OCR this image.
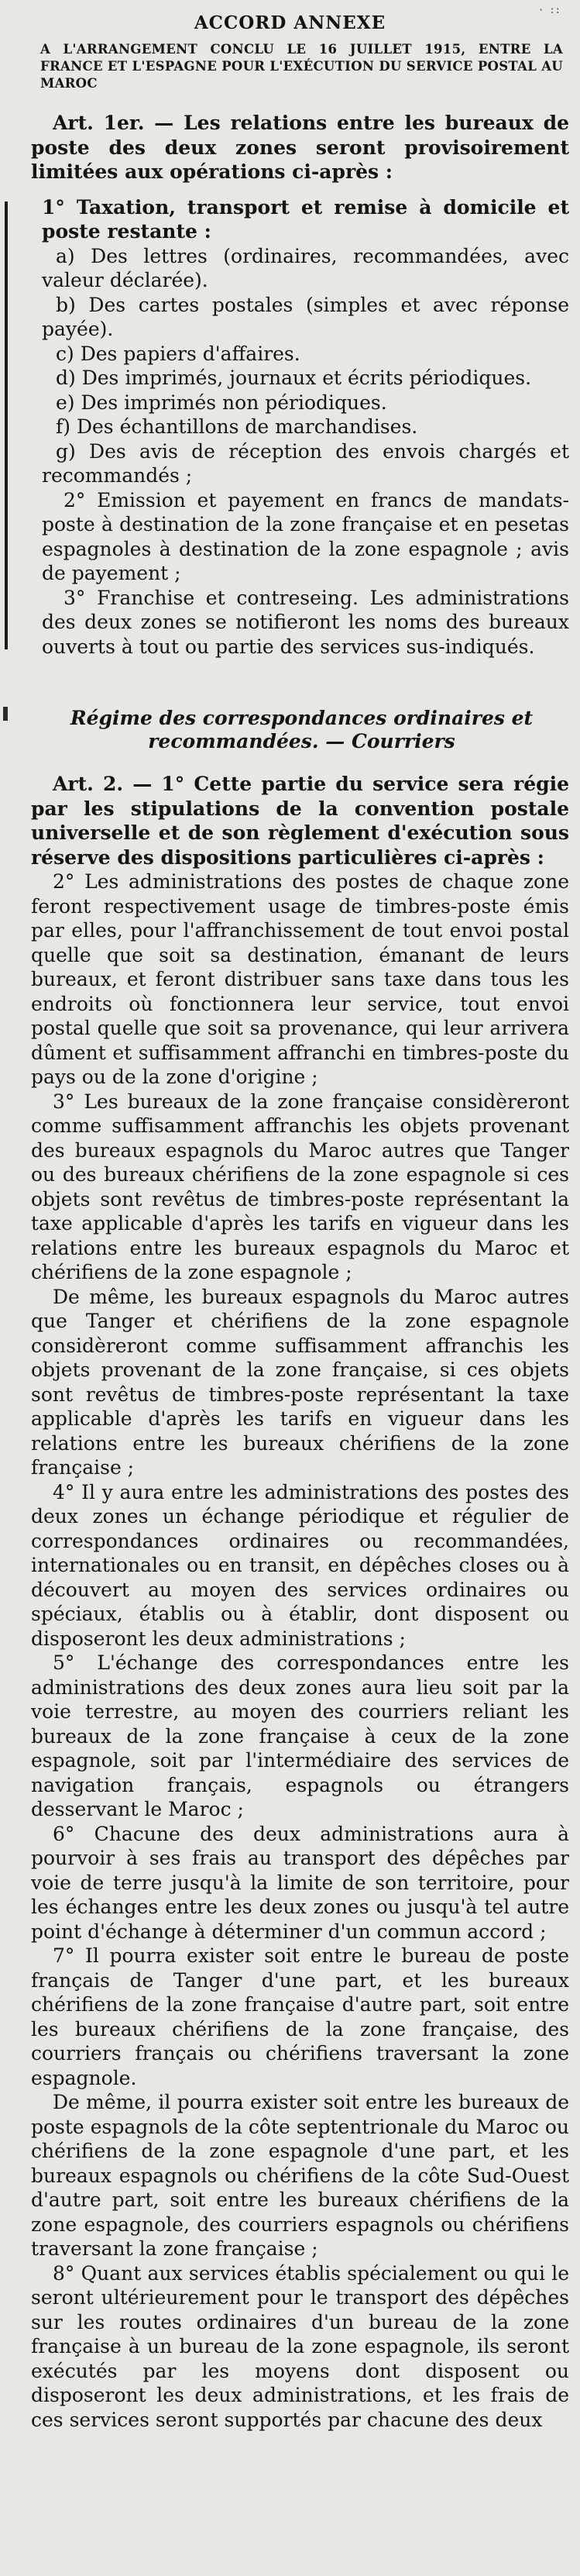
· ::
ACCORD ANNEXE
A L'ARRANGEMENT CONCLU LE 16 JUILLET 1915, ENTRE LA FRANCE ET L'ESPAGNE POUR L'EXÉCUTION DU SERVICE POSTAL AU MAROC
Art. 1er. — Les relations entre les bureaux de poste des deux zones seront provisoirement limitées aux opérations ci-après :
1° Taxation, transport et remise à domicile et poste restante :
a) Des lettres (ordinaires, recommandées, avec valeur déclarée).
b) Des cartes postales (simples et avec réponse payée).
c) Des papiers d'affaires.
d) Des imprimés, journaux et écrits périodiques.
e) Des imprimés non périodiques.
f) Des échantillons de marchandises.
g) Des avis de réception des envois chargés et recommandés ;
2° Emission et payement en francs de mandats-poste à destination de la zone française et en pesetas espagnoles à destination de la zone espagnole ; avis de payement ;
3° Franchise et contreseing. Les administrations des deux zones se notifieront les noms des bureaux ouverts à tout ou partie des services sus-indiqués.
Régime des correspondances ordinaires et recommandées. — Courriers
Art. 2. — 1° Cette partie du service sera régie par les stipulations de la convention postale universelle et de son règlement d'exécution sous réserve des dispositions particulières ci-après :
2° Les administrations des postes de chaque zone feront respectivement usage de timbres-poste émis par elles, pour l'affranchissement de tout envoi postal quelle que soit sa destination, émanant de leurs bureaux, et feront distribuer sans taxe dans tous les endroits où fonctionnera leur service, tout envoi postal quelle que soit sa provenance, qui leur arrivera dûment et suffisamment affranchi en timbres-poste du pays ou de la zone d'origine ;
3° Les bureaux de la zone française considèreront comme suffisamment affranchis les objets provenant des bureaux espagnols du Maroc autres que Tanger ou des bureaux chérifiens de la zone espagnole si ces objets sont revêtus de timbres-poste représentant la taxe applicable d'après les tarifs en vigueur dans les relations entre les bureaux espagnols du Maroc et chérifiens de la zone espagnole ;
De même, les bureaux espagnols du Maroc autres que Tanger et chérifiens de la zone espagnole considèreront comme suffisamment affranchis les objets provenant de la zone française, si ces objets sont revêtus de timbres-poste représentant la taxe applicable d'après les tarifs en vigueur dans les relations entre les bureaux chérifiens de la zone française ;
4° Il y aura entre les administrations des postes des deux zones un échange périodique et régulier de correspondances ordinaires ou recommandées, internationales ou en transit, en dépêches closes ou à découvert au moyen des services ordinaires ou spéciaux, établis ou à établir, dont disposent ou disposeront les deux administrations ;
5° L'échange des correspondances entre les administrations des deux zones aura lieu soit par la voie terrestre, au moyen des courriers reliant les bureaux de la zone française à ceux de la zone espagnole, soit par l'intermédiaire des services de navigation français, espagnols ou étrangers desservant le Maroc ;
6° Chacune des deux administrations aura à pourvoir à ses frais au transport des dépêches par voie de terre jusqu'à la limite de son territoire, pour les échanges entre les deux zones ou jusqu'à tel autre point d'échange à déterminer d'un commun accord ;
7° Il pourra exister soit entre le bureau de poste français de Tanger d'une part, et les bureaux chérifiens de la zone française d'autre part, soit entre les bureaux chérifiens de la zone française, des courriers français ou chérifiens traversant la zone espagnole.
De même, il pourra exister soit entre les bureaux de poste espagnols de la côte septentrionale du Maroc ou chérifiens de la zone espagnole d'une part, et les bureaux espagnols ou chérifiens de la côte Sud-Ouest d'autre part, soit entre les bureaux chérifiens de la zone espagnole, des courriers espagnols ou chérifiens traversant la zone française ;
8° Quant aux services établis spécialement ou qui le seront ultérieurement pour le transport des dépêches sur les routes ordinaires d'un bureau de la zone française à un bureau de la zone espagnole, ils seront exécutés par les moyens dont disposent ou disposeront les deux administrations, et les frais de ces services seront supportés par chacune des deux
